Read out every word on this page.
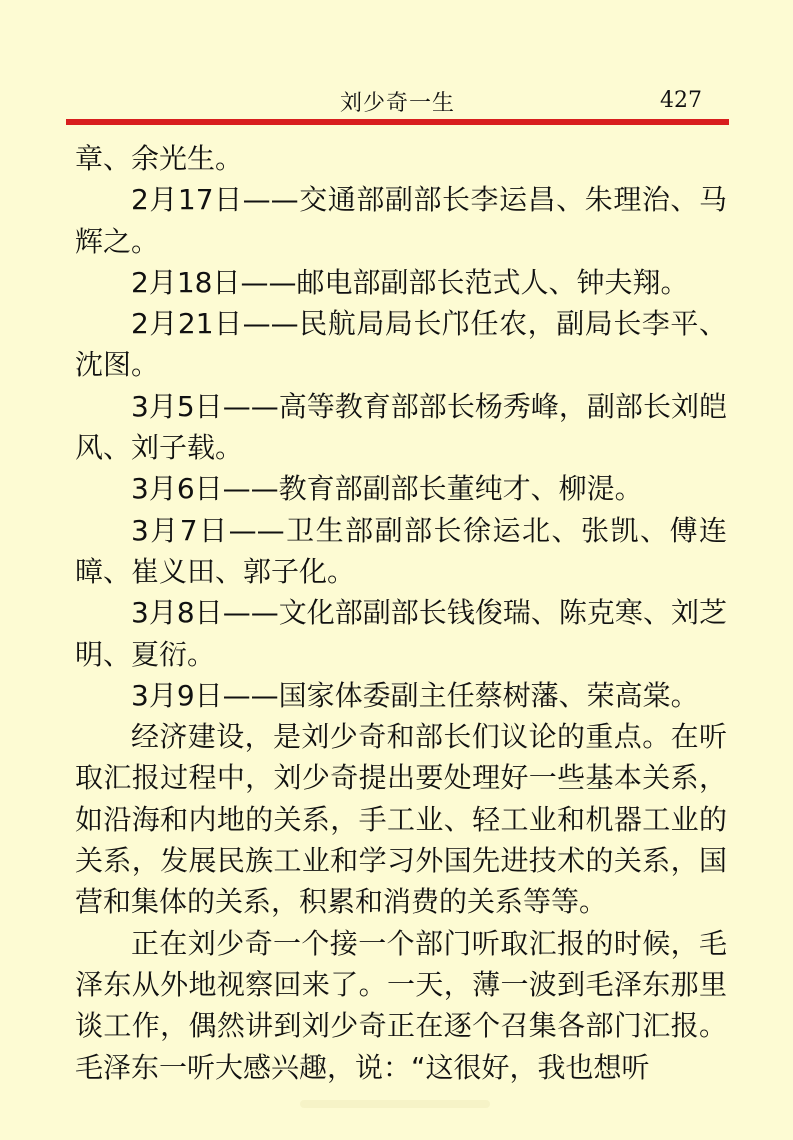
刘少奇一生	427

章、余光生。

2月17日——交通部副部长李运昌、朱理治、马辉之。

2月18日——邮电部副部长范式人、钟夫翔。

2月21日——民航局局长邝任农，副局长李平、沈图。

3月5日——高等教育部部长杨秀峰，副部长刘皑风、刘子载。

3月6日——教育部副部长董纯才、柳湜。

3月7日——卫生部副部长徐运北、张凯、傅连暲、崔义田、郭子化。

3月8日——文化部副部长钱俊瑞、陈克寒、刘芝明、夏衍。

3月9日——国家体委副主任蔡树藩、荣高棠。

经济建设，是刘少奇和部长们议论的重点。在听取汇报过程中，刘少奇提出要处理好一些基本关系，如沿海和内地的关系，手工业、轻工业和机器工业的关系，发展民族工业和学习外国先进技术的关系，国营和集体的关系，积累和消费的关系等等。

正在刘少奇一个接一个部门听取汇报的时候，毛泽东从外地视察回来了。一天，薄一波到毛泽东那里谈工作，偶然讲到刘少奇正在逐个召集各部门汇报。毛泽东一听大感兴趣，说：“这很好，我也想听
